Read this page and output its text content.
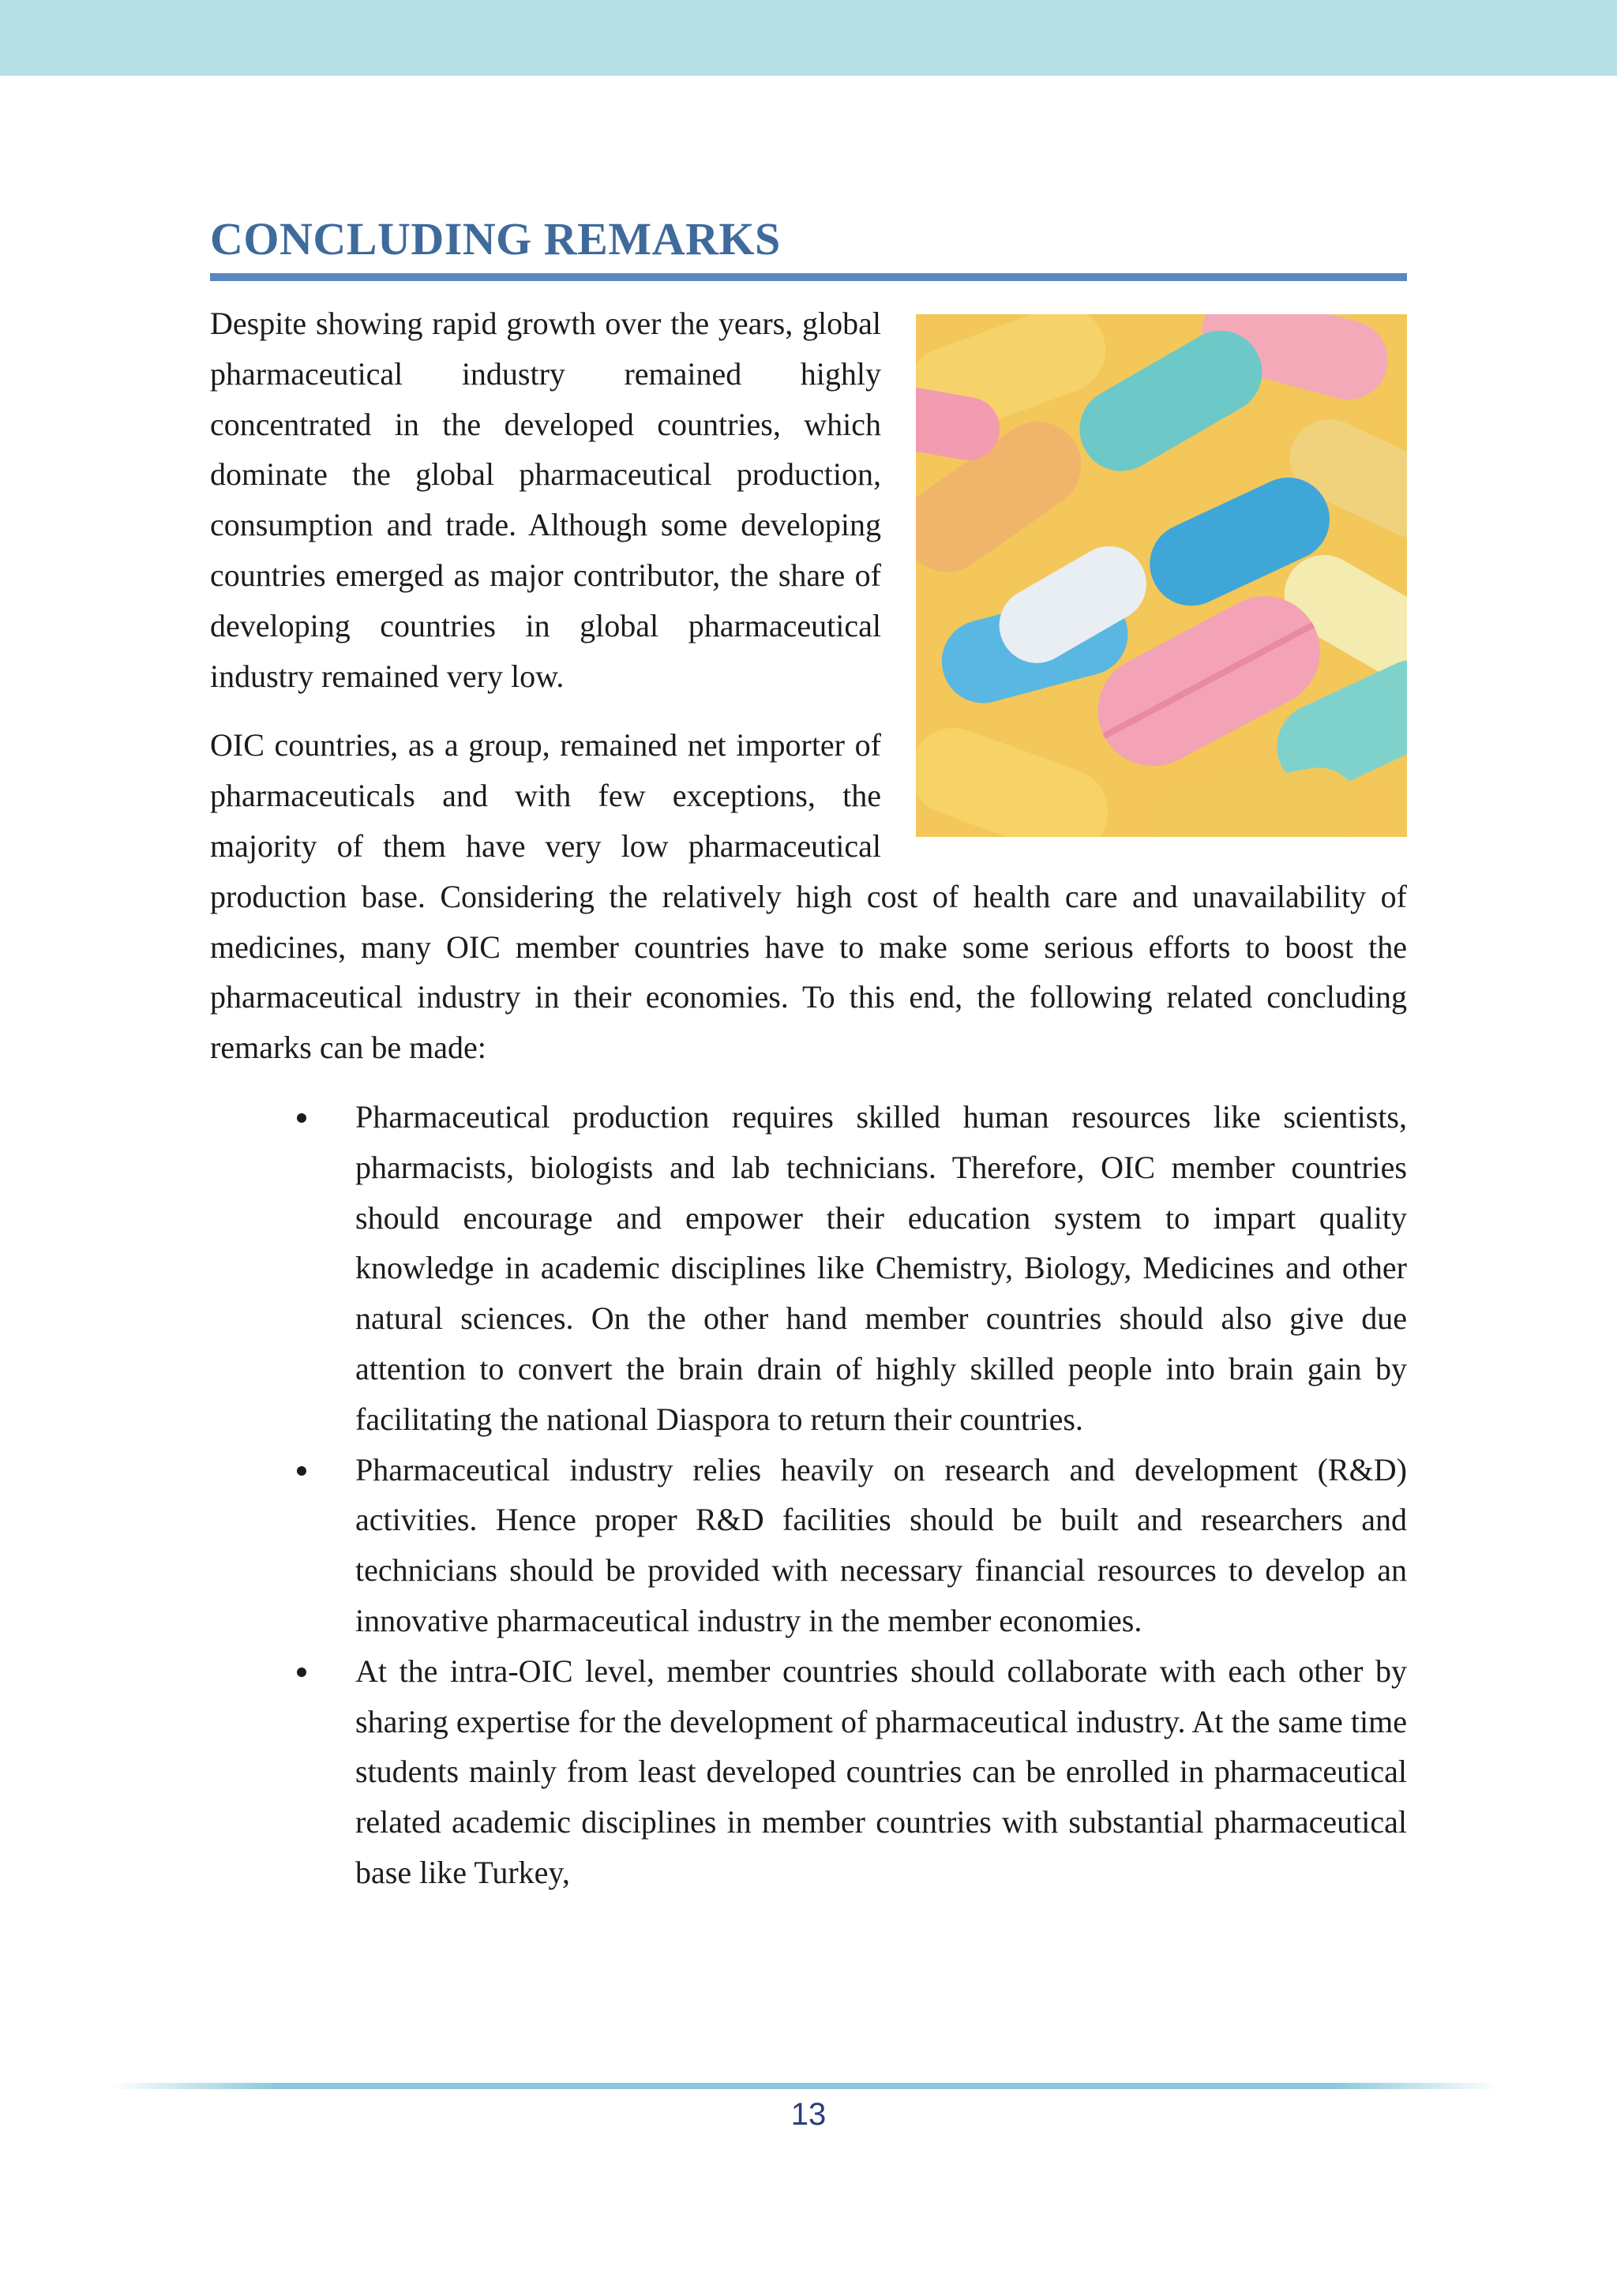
CONCLUDING REMARKS

Despite showing rapid growth over the years, global pharmaceutical industry remained highly concentrated in the developed countries, which dominate the global pharmaceutical production, consumption and trade. Although some developing countries emerged as major contributor, the share of developing countries in global pharmaceutical industry remained very low.

OIC countries, as a group, remained net importer of pharmaceuticals and with few exceptions, the majority of them have very low pharmaceutical production base. Considering the relatively high cost of health care and unavailability of medicines, many OIC member countries have to make some serious efforts to boost the pharmaceutical industry in their economies. To this end, the following related concluding remarks can be made:

Pharmaceutical production requires skilled human resources like scientists, pharmacists, biologists and lab technicians. Therefore, OIC member countries should encourage and empower their education system to impart quality knowledge in academic disciplines like Chemistry, Biology, Medicines and other natural sciences. On the other hand member countries should also give due attention to convert the brain drain of highly skilled people into brain gain by facilitating the national Diaspora to return their countries.
Pharmaceutical industry relies heavily on research and development (R&D) activities. Hence proper R&D facilities should be built and researchers and technicians should be provided with necessary financial resources to develop an innovative pharmaceutical industry in the member economies.
At the intra-OIC level, member countries should collaborate with each other by sharing expertise for the development of pharmaceutical industry. At the same time students mainly from least developed countries can be enrolled in pharmaceutical related academic disciplines in member countries with substantial pharmaceutical base like Turkey,
13
